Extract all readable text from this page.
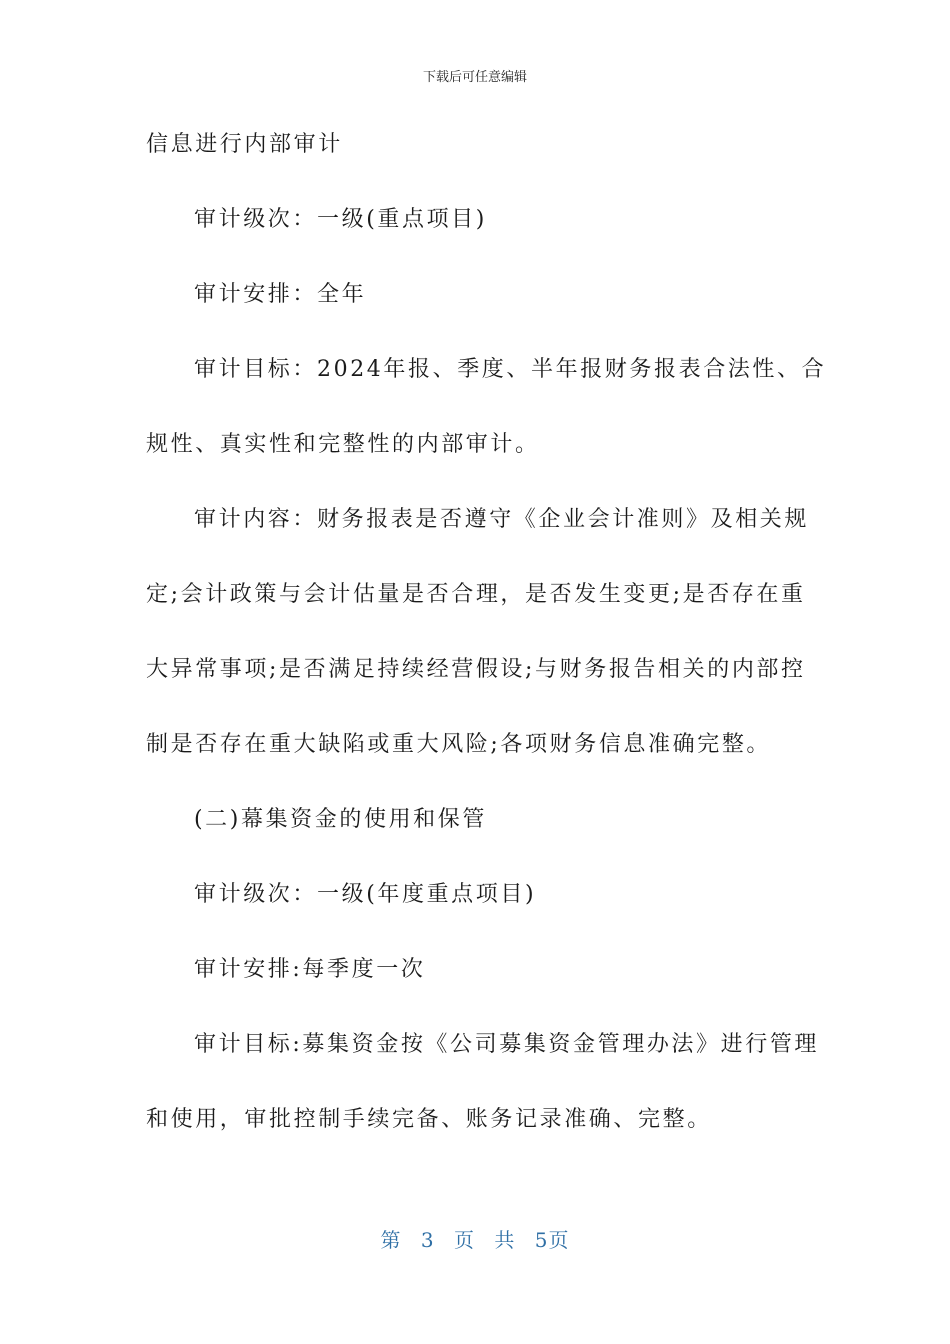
下载后可任意编辑
信息进行内部审计
审计级次：一级(重点项目)
审计安排：全年
审计目标：2024年报、季度、半年报财务报表合法性、合
规性、真实性和完整性的内部审计。
审计内容：财务报表是否遵守《企业会计准则》及相关规
定;会计政策与会计估量是否合理，是否发生变更;是否存在重
大异常事项;是否满足持续经营假设;与财务报告相关的内部控
制是否存在重大缺陷或重大风险;各项财务信息准确完整。
(二)幕集资金的使用和保管
审计级次：一级(年度重点项目)
审计安排:每季度一次
审计目标:募集资金按《公司募集资金管理办法》进行管理
和使用，审批控制手续完备、账务记录准确、完整。
第 3 页 共 5页
